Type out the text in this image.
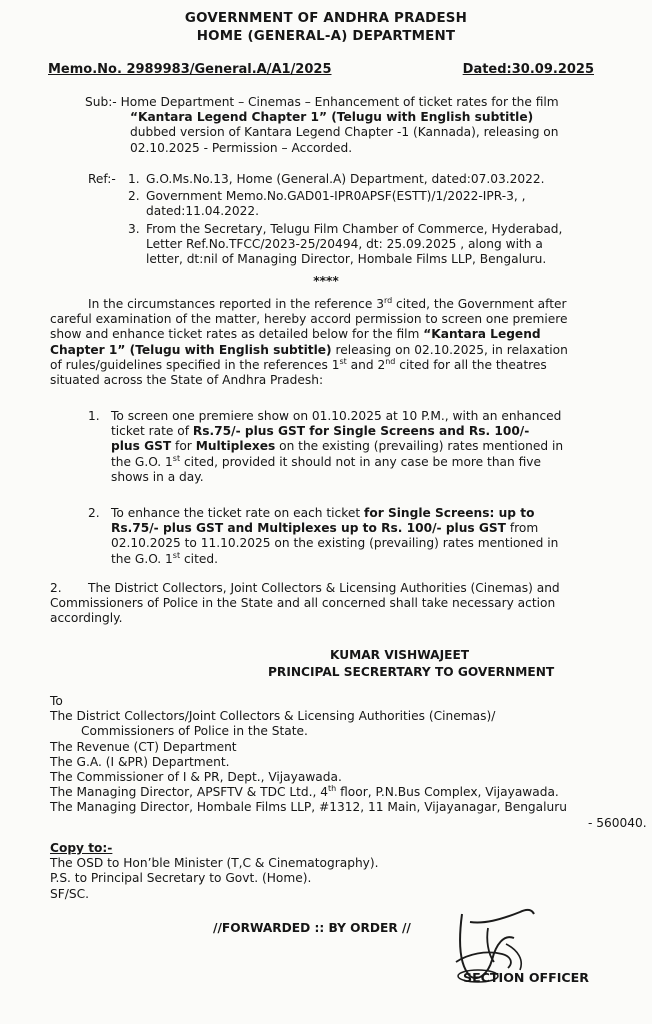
GOVERNMENT OF ANDHRA PRADESH
HOME (GENERAL-A) DEPARTMENT
Memo.No. 2989983/General.A/A1/2025	Dated:30.09.2025
Sub:- Home Department – Cinemas – Enhancement of ticket rates for the film
“Kantara Legend Chapter 1” (Telugu with English subtitle)
dubbed version of Kantara Legend Chapter -1 (Kannada), releasing on
02.10.2025 - Permission – Accorded.
Ref:-	1. G.O.Ms.No.13, Home (General.A) Department, dated:07.03.2022.
2. Government Memo.No.GAD01-IPR0APSF(ESTT)/1/2022-IPR-3, ,
dated:11.04.2022.
3. From the Secretary, Telugu Film Chamber of Commerce, Hyderabad,
Letter Ref.No.TFCC/2023-25/20494, dt: 25.09.2025 , along with a
letter, dt:nil of Managing Director, Hombale Films LLP, Bengaluru.
****
In the circumstances reported in the reference 3rd cited, the Government after
careful examination of the matter, hereby accord permission to screen one premiere
show and enhance ticket rates as detailed below for the film “Kantara Legend
Chapter 1” (Telugu with English subtitle) releasing on 02.10.2025, in relaxation
of rules/guidelines specified in the references 1st and 2nd cited for all the theatres
situated across the State of Andhra Pradesh:
1. To screen one premiere show on 01.10.2025 at 10 P.M., with an enhanced
ticket rate of Rs.75/- plus GST for Single Screens and Rs. 100/-
plus GST for Multiplexes on the existing (prevailing) rates mentioned in
the G.O. 1st cited, provided it should not in any case be more than five
shows in a day.
2. To enhance the ticket rate on each ticket for Single Screens: up to
Rs.75/- plus GST and Multiplexes up to Rs. 100/- plus GST from
02.10.2025 to 11.10.2025 on the existing (prevailing) rates mentioned in
the G.O. 1st cited.
2. The District Collectors, Joint Collectors & Licensing Authorities (Cinemas) and
Commissioners of Police in the State and all concerned shall take necessary action
accordingly.
KUMAR VISHWAJEET
PRINCIPAL SECRERTARY TO GOVERNMENT
To
The District Collectors/Joint Collectors & Licensing Authorities (Cinemas)/
Commissioners of Police in the State.
The Revenue (CT) Department
The G.A. (I &PR) Department.
The Commissioner of I & PR, Dept., Vijayawada.
The Managing Director, APSFTV & TDC Ltd., 4th floor, P.N.Bus Complex, Vijayawada.
The Managing Director, Hombale Films LLP, #1312, 11 Main, Vijayanagar, Bengaluru
- 560040.
Copy to:-
The OSD to Hon’ble Minister (T,C & Cinematography).
P.S. to Principal Secretary to Govt. (Home).
SF/SC.
//FORWARDED :: BY ORDER //
SECTION OFFICER
